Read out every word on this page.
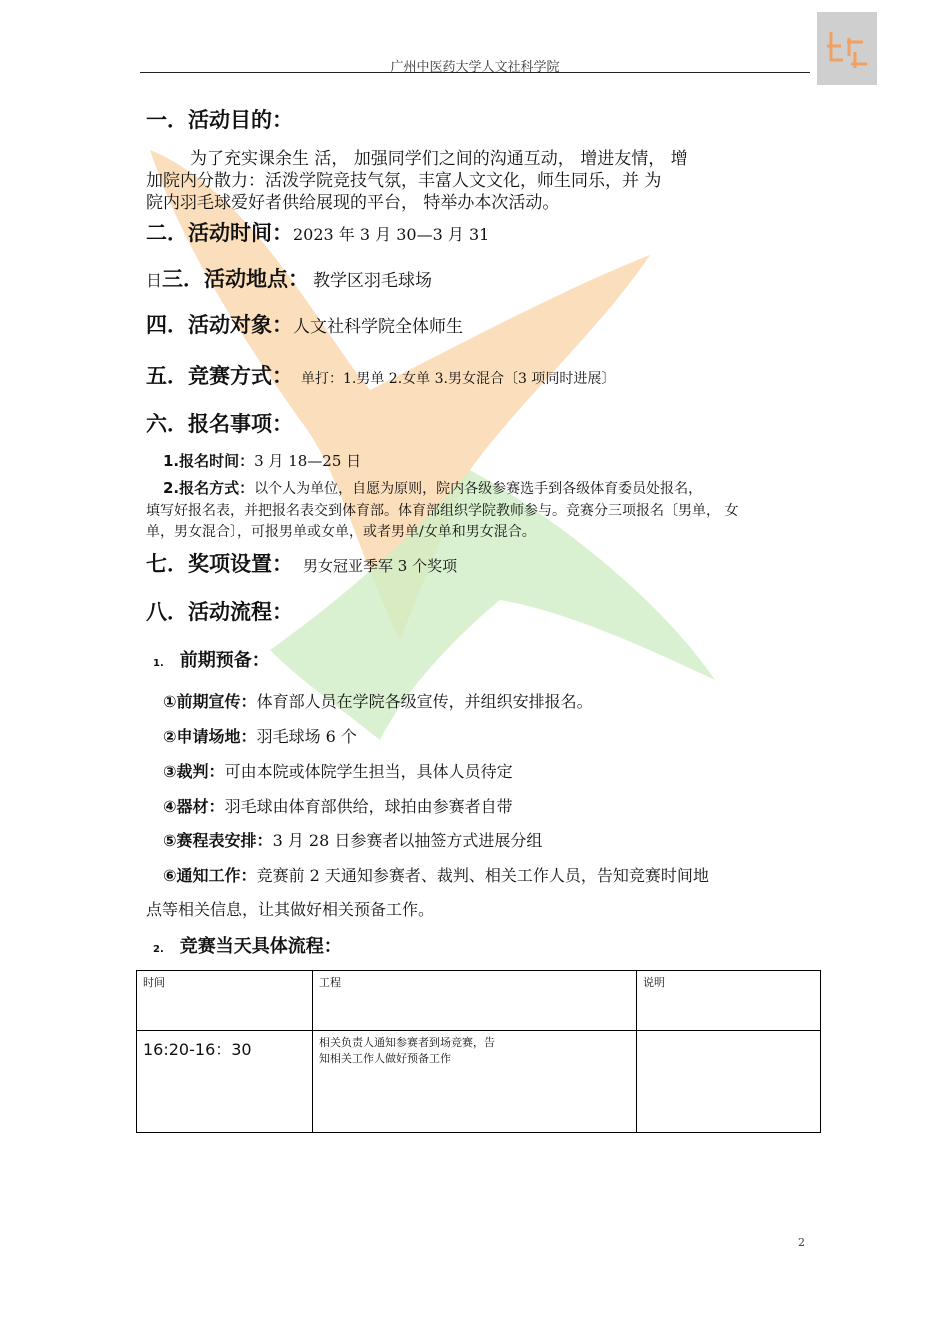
广州中医药大学人文社科学院
一．活动目的：
为了充实课余生 活， 加强同学们之间的沟通互动， 增进友情， 增
加院内分散力：活泼学院竞技气氛，丰富人文文化，师生同乐，并 为
院内羽毛球爱好者供给展现的平台， 特举办本次活动。
二．活动时间：2023 年 3 月 30—3 月 31
日三．活动地点： 教学区羽毛球场
四．活动对象：人文社科学院全体师生
五．竞赛方式： 单打：1.男单 2.女单 3.男女混合〔3 项同时进展〕
六．报名事项：
1.报名时间：3 月 18—25 日
2.报名方式：以个人为单位，自愿为原则，院内各级参赛选手到各级体育委员处报名，
填写好报名表，并把报名表交到体育部。体育部组织学院教师参与。竞赛分三项报名〔男单， 女
单，男女混合〕，可报男单或女单，或者男单/女单和男女混合。
七．奖项设置： 男女冠亚季军 3 个奖项
八．活动流程：
1. 前期预备：
①前期宣传：体育部人员在学院各级宣传，并组织安排报名。
②申请场地：羽毛球场 6 个
③裁判：可由本院或体院学生担当，具体人员待定
④器材：羽毛球由体育部供给，球拍由参赛者自带
⑤赛程表安排：3 月 28 日参赛者以抽签方式进展分组
⑥通知工作：竞赛前 2 天通知参赛者、裁判、相关工作人员，告知竞赛时间地
点等相关信息，让其做好相关预备工作。
2. 竞赛当天具体流程：
时间	工程	说明
16:20-16：30	相关负责人通知参赛者到场竞赛，告
知相关工作人做好预备工作	

2
